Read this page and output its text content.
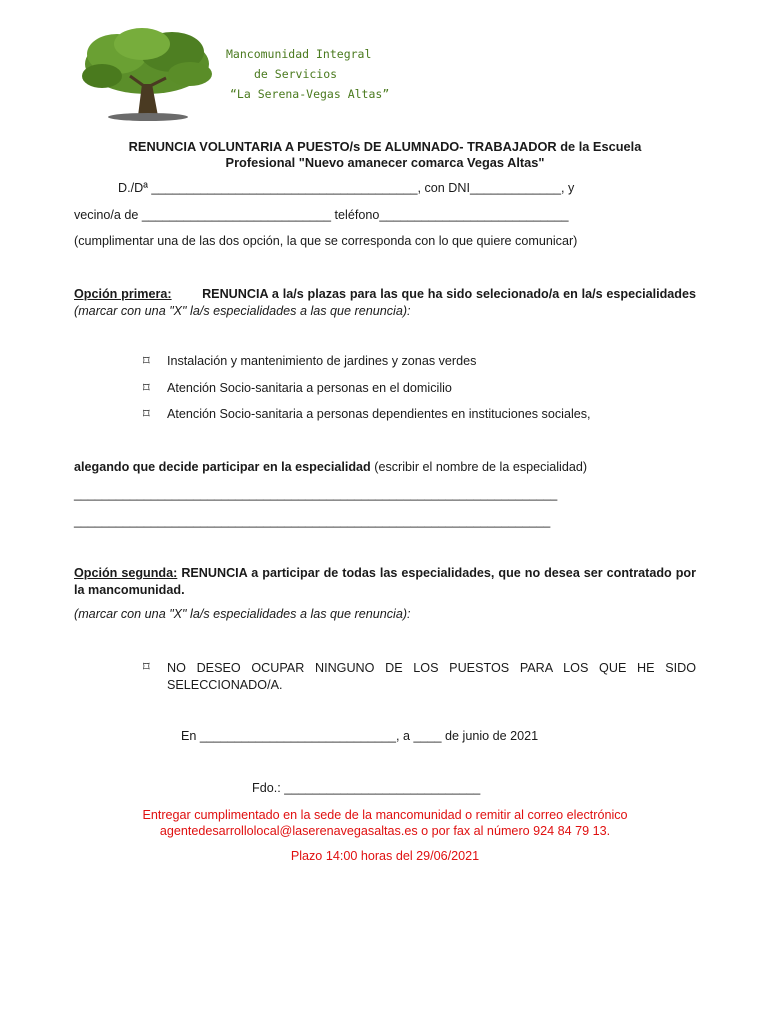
Mancomunidad Integral
de Servicios
“La Serena-Vegas Altas”
RENUNCIA VOLUNTARIA A PUESTO/s DE ALUMNADO- TRABAJADOR de la Escuela
Profesional "Nuevo amanecer comarca Vegas Altas"
D./Dª ______________________________________, con DNI_____________, y
vecino/a de ___________________________ teléfono___________________________
(cumplimentar una de las dos opción, la que se corresponda con lo que quiere comunicar)
Opción primera: RENUNCIA a la/s plazas para las que ha sido selecionado/a en la/s especialidades (marcar con una "X" la/s especialidades a las que renuncia):
⌑ Instalación y mantenimiento de jardines y zonas verdes
⌑ Atención Socio-sanitaria a personas en el domicilio
⌑ Atención Socio-sanitaria a personas dependientes en instituciones sociales,
alegando que decide participar en la especialidad (escribir el nombre de la especialidad)
_____________________________________________________________________
____________________________________________________________________
Opción segunda: RENUNCIA a participar de todas las especialidades, que no desea ser contratado por la mancomunidad.
(marcar con una "X" la/s especialidades a las que renuncia):
⌑ NO DESEO OCUPAR NINGUNO DE LOS PUESTOS PARA LOS QUE HE SIDO
SELECCIONADO/A.
En ____________________________, a ____ de junio de 2021
Fdo.: ____________________________
Entregar cumplimentado en la sede de la mancomunidad o remitir al correo electrónico
agentedesarrollolocal@laserenavegasaltas.es o por fax al número 924 84 79 13.
Plazo 14:00 horas del 29/06/2021
